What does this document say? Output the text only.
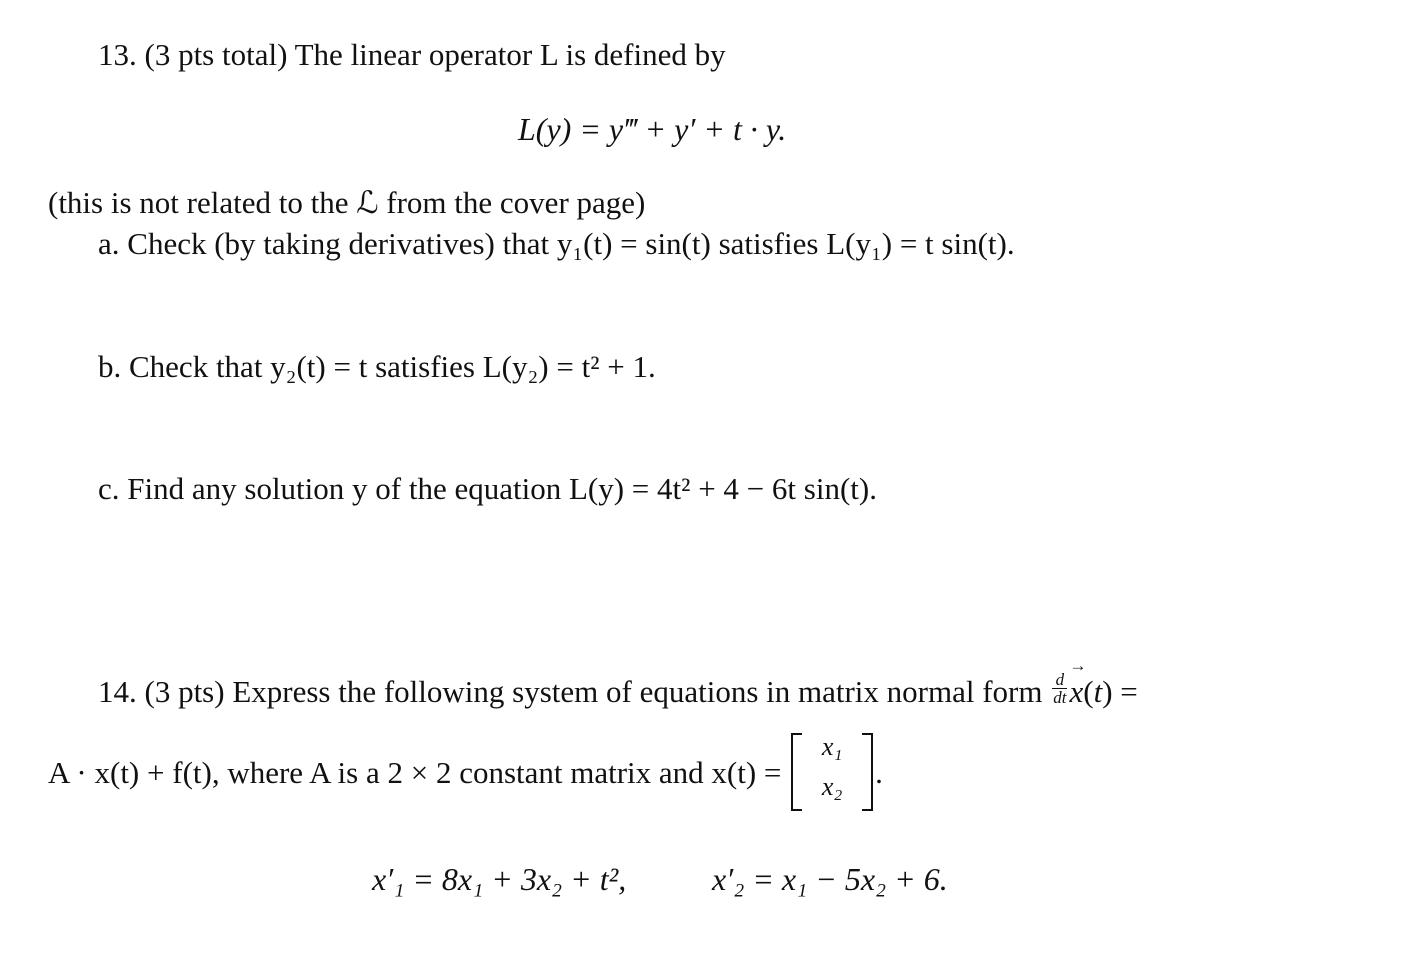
13. (3 pts total) The linear operator L is defined by
L(y) = y‴ + y′ + t · y.
(this is not related to the ℒ from the cover page)
a. Check (by taking derivatives) that y₁(t) = sin(t) satisfies L(y₁) = t sin(t).
b. Check that y₂(t) = t satisfies L(y₂) = t² + 1.
c. Find any solution y of the equation L(y) = 4t² + 4 − 6t sin(t).
14. (3 pts) Express the following system of equations in matrix normal form $\frac{d}{dt}$
→ x(t) =
A · x(t) + f(t), where A is a 2 × 2 constant matrix and x(t) =
x₁
x₂	.
x′₁ = 8x₁ + 3x₂ + t²,	x′₂ = x₁ − 5x₂ + 6.
